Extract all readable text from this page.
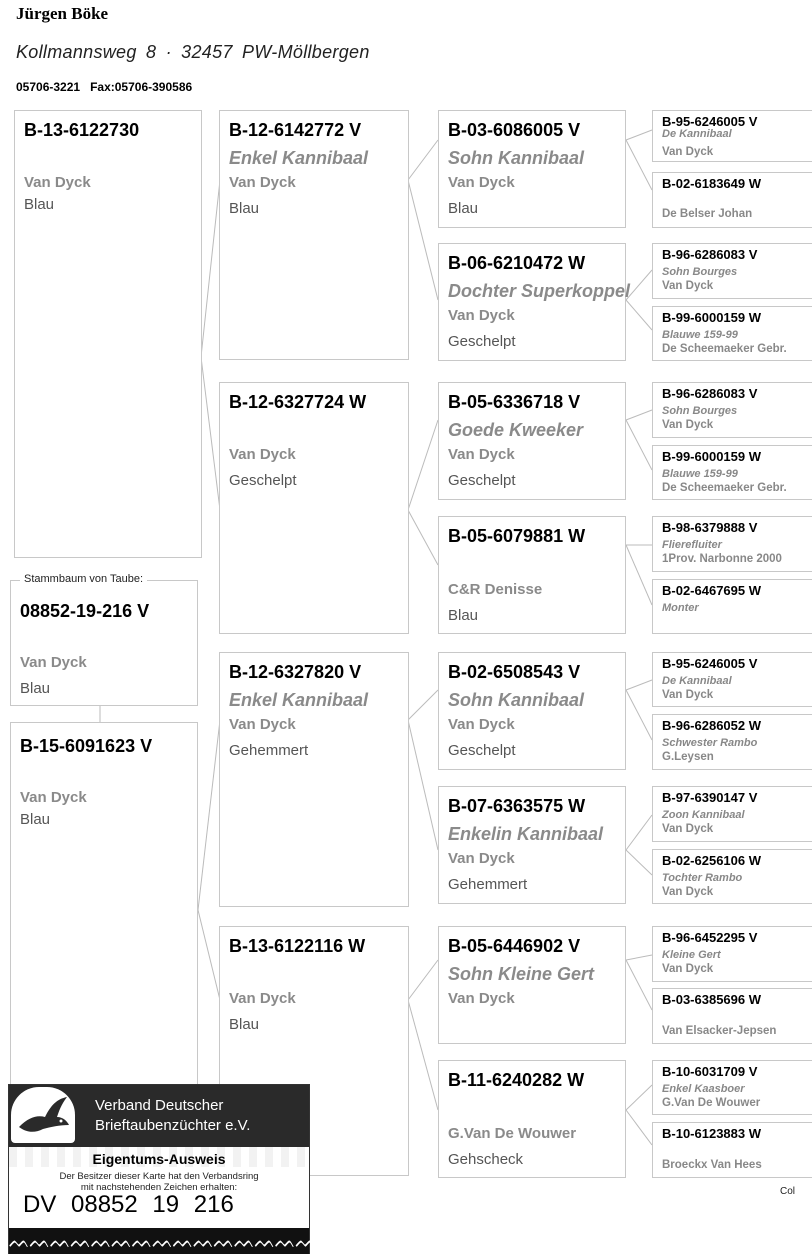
Jürgen Böke
Kollmannsweg 8 · 32457 PW-Möllbergen
05706-3221 Fax:05706-390586
B-13-6122730
Van Dyck
Blau
08852-19-216 V
Van Dyck
Blau
Stammbaum von Taube:
B-15-6091623 V
Van Dyck
Blau
B-12-6142772 V
Enkel Kannibaal
Van Dyck
Blau
B-12-6327724 W
Van Dyck
Geschelpt
B-12-6327820 V
Enkel Kannibaal
Van Dyck
Gehemmert
B-13-6122116 W
Van Dyck
Blau
B-03-6086005 V
Sohn Kannibaal
Van Dyck
Blau
B-06-6210472 W
Dochter Superkoppel
Van Dyck
Geschelpt
B-05-6336718 V
Goede Kweeker
Van Dyck
Geschelpt
B-05-6079881 W
C&R Denisse
Blau
B-02-6508543 V
Sohn Kannibaal
Van Dyck
Geschelpt
B-07-6363575 W
Enkelin Kannibaal
Van Dyck
Gehemmert
B-05-6446902 V
Sohn Kleine Gert
Van Dyck
B-11-6240282 W
G.Van De Wouwer
Gehscheck
B-95-6246005 V
De Kannibaal
Van Dyck
B-02-6183649 W
De Belser Johan
B-96-6286083 V
Sohn Bourges
Van Dyck
B-99-6000159 W
Blauwe 159-99
De Scheemaeker Gebr.
B-96-6286083 V
Sohn Bourges
Van Dyck
B-99-6000159 W
Blauwe 159-99
De Scheemaeker Gebr.
B-98-6379888 V
Flierefluiter
1Prov. Narbonne 2000
B-02-6467695 W
Monter
B-95-6246005 V
De Kannibaal
Van Dyck
B-96-6286052 W
Schwester Rambo
G.Leysen
B-97-6390147 V
Zoon Kannibaal
Van Dyck
B-02-6256106 W
Tochter Rambo
Van Dyck
B-96-6452295 V
Kleine Gert
Van Dyck
B-03-6385696 W
Van Elsacker-Jepsen
B-10-6031709 V
Enkel Kaasboer
G.Van De Wouwer
B-10-6123883 W
Broeckx Van Hees
Col
Verband Deutscher
Brieftaubenzüchter e.V.
Eigentums-Ausweis
Der Besitzer dieser Karte hat den Verbandsring
mit nachstehenden Zeichen erhalten:
DV 08852 19 216
ᨓᨓᨓᨓᨓᨓᨓᨓᨓᨓᨓᨓᨓᨓᨓᨓᨓᨓᨓᨓᨓᨓᨓᨓᨓ
